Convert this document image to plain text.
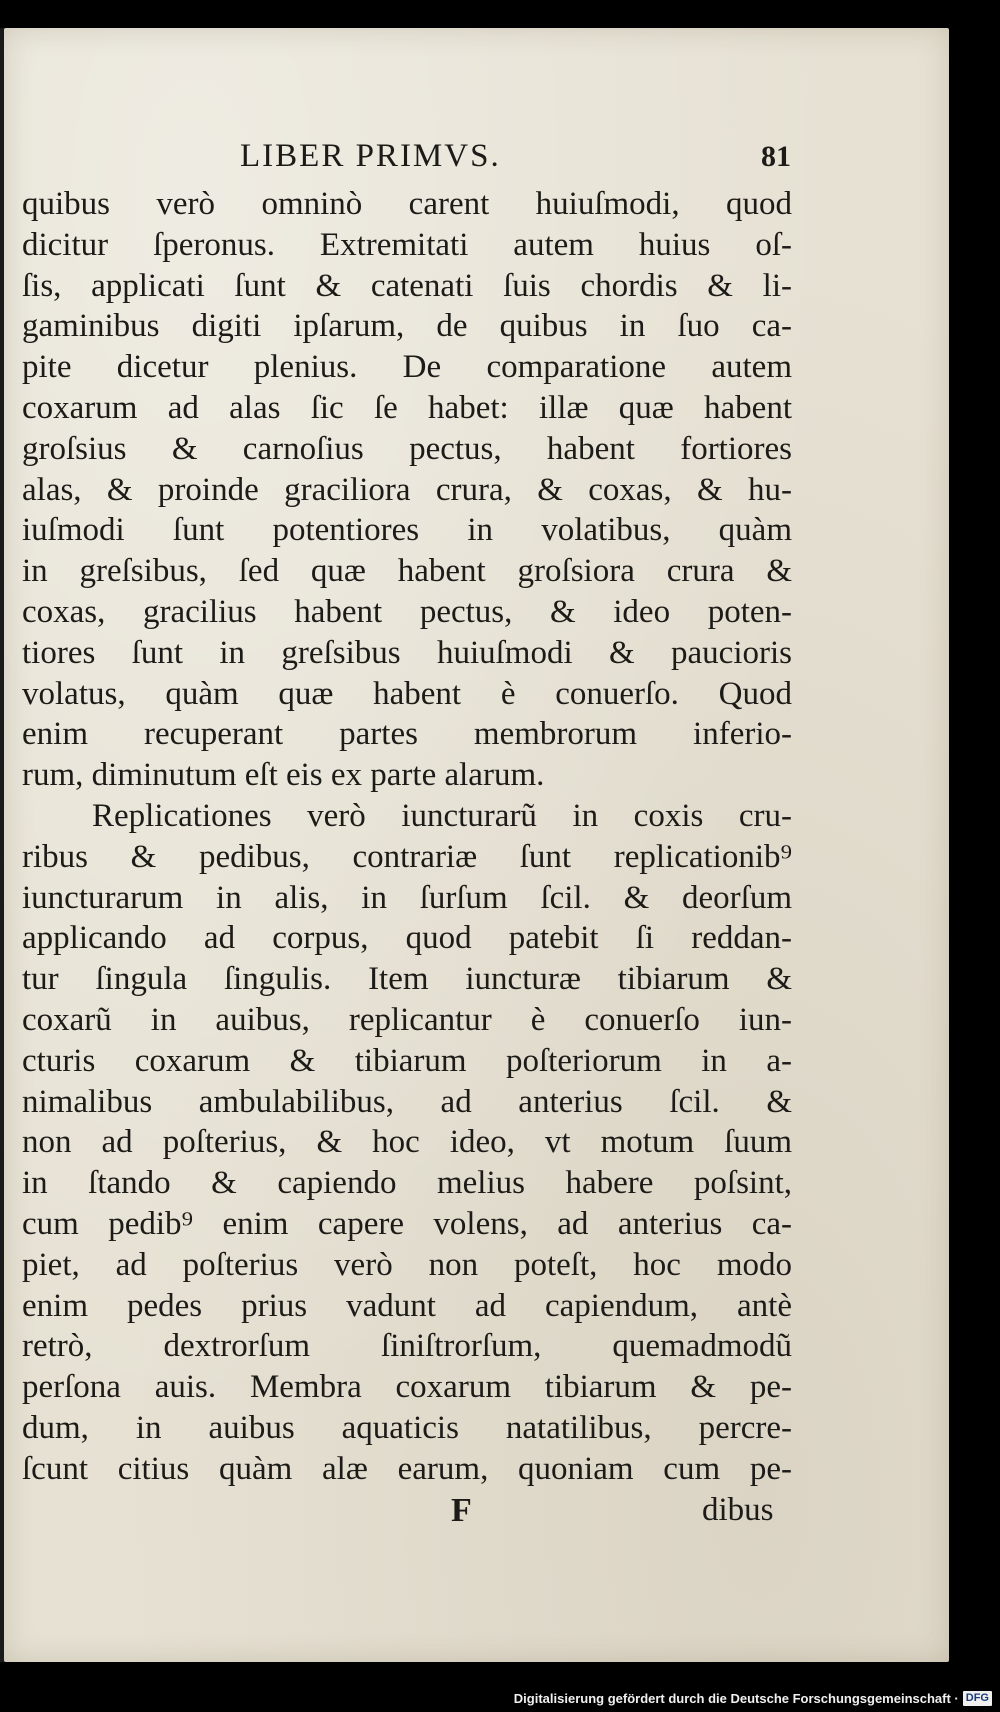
LIBER PRIMVS.	81
quibus verò omninò carent huiuſmodi, quod
dicitur ſperonus. Extremitati autem huius oſ-
ſis, applicati ſunt & catenati ſuis chordis & li-
gaminibus digiti ipſarum, de quibus in ſuo ca-
pite dicetur plenius. De comparatione autem
coxarum ad alas ſic ſe habet: illæ quæ habent
groſsius & carnoſius pectus, habent fortiores
alas, & proinde graciliora crura, & coxas, & hu-
iuſmodi ſunt potentiores in volatibus, quàm
in greſsibus, ſed quæ habent groſsiora crura &
coxas, gracilius habent pectus, & ideo poten-
tiores ſunt in greſsibus huiuſmodi & paucioris
volatus, quàm quæ habent è conuerſo. Quod
enim recuperant partes membrorum inferio-
rum, diminutum eſt eis ex parte alarum.
Replicationes verò iuncturarũ in coxis cru-
ribus & pedibus, contrariæ ſunt replicationib⁹
iuncturarum in alis, in ſurſum ſcil. & deorſum
applicando ad corpus, quod patebit ſi reddan-
tur ſingula ſingulis. Item iuncturæ tibiarum &
coxarũ in auibus, replicantur è conuerſo iun-
cturis coxarum & tibiarum poſteriorum in a-
nimalibus ambulabilibus, ad anterius ſcil. &
non ad poſterius, & hoc ideo, vt motum ſuum
in ſtando & capiendo melius habere poſsint,
cum pedib⁹ enim capere volens, ad anterius ca-
piet, ad poſterius verò non poteſt, hoc modo
enim pedes prius vadunt ad capiendum, antè
retrò, dextrorſum ſiniſtrorſum, quemadmodũ
perſona auis. Membra coxarum tibiarum & pe-
dum, in auibus aquaticis natatilibus, percre-
ſcunt citius quàm alæ earum, quoniam cum pe-
F	dibus
Digitalisierung gefördert durch die Deutsche Forschungsgemeinschaft · DFG
